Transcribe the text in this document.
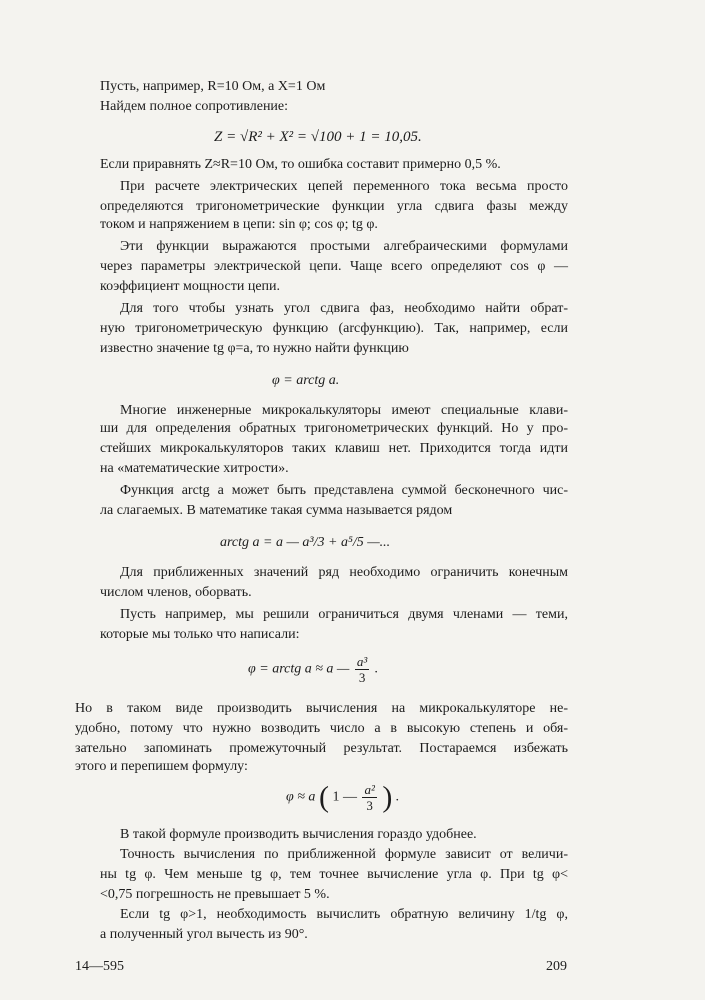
Пусть, например, R=10 Ом, а X=1 Ом
Найдем полное сопротивление:
Z = √R² + X² = √100 + 1 = 10,05.
Если приравнять Z≈R=10 Ом, то ошибка составит примерно 0,5 %.
При расчете электрических цепей переменного тока весьма просто
определяются тригонометрические функции угла сдвига фазы между
током и напряжением в цепи: sin φ; cos φ; tg φ.
Эти функции выражаются простыми алгебраическими формулами
через параметры электрической цепи. Чаще всего определяют cos φ —
коэффициент мощности цепи.
Для того чтобы узнать угол сдвига фаз, необходимо найти обрат-
ную тригонометрическую функцию (arсфункцию). Так, например, если
известно значение tg φ=a, то нужно найти функцию
φ = arctg a.
Многие инженерные микрокалькуляторы имеют специальные клави-
ши для определения обратных тригонометрических функций. Но у про-
стейших микрокалькуляторов таких клавиш нет. Приходится тогда идти
на «математические хитрости».
Функция arctg a может быть представлена суммой бесконечного чис-
ла слагаемых. В математике такая сумма называется рядом
arctg a = a — a³/3 + a⁵/5 —...
Для приближенных значений ряд необходимо ограничить конечным
числом членов, оборвать.
Пусть например, мы решили ограничиться двумя членами — теми,
которые мы только что написали:
φ = arctg a ≈ a — $\frac{\text{a³}}{3}$ .
Но в таком виде производить вычисления на микрокалькуляторе не-
удобно, потому что нужно возводить число a в высокую степень и обя-
зательно запоминать промежуточный результат. Постараемся избежать
этого и перепишем формулу:
φ ≈ a ( 1 — $\frac{\text{a²}}{3}$ ) .
В такой формуле производить вычисления гораздо удобнее.
Точность вычисления по приближенной формуле зависит от величи-
ны tg φ. Чем меньше tg φ, тем точнее вычисление угла φ. При tg φ<
<0,75 погрешность не превышает 5 %.
Если tg φ>1, необходимость вычислить обратную величину 1/tg φ,
а полученный угол вычесть из 90°.
14—595	209
